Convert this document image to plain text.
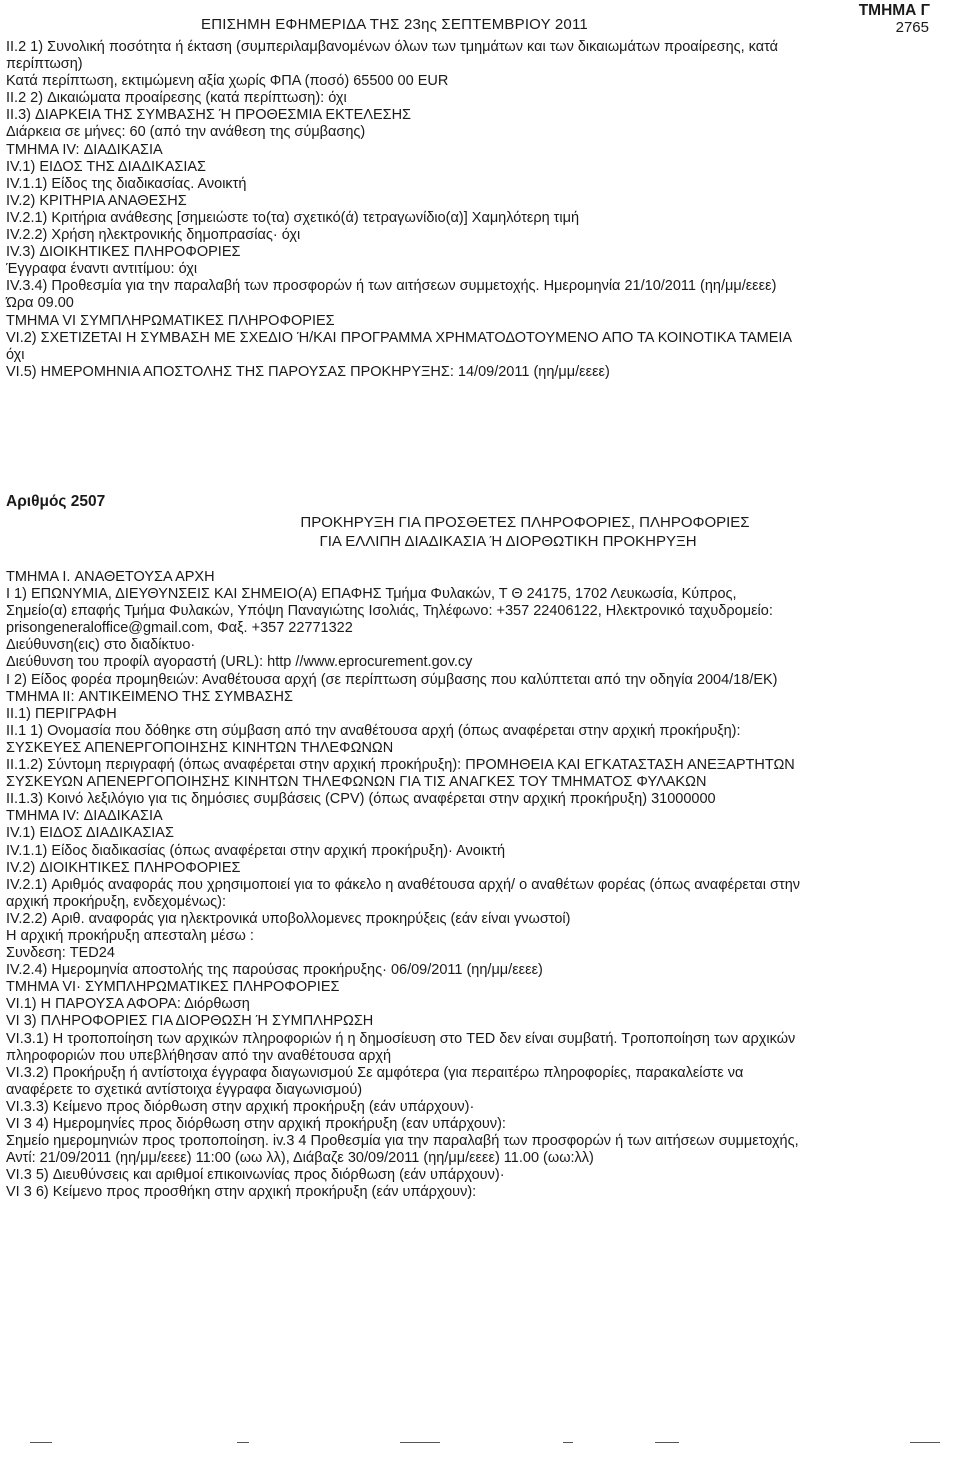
ΕΠΙΣΗΜΗ ΕΦΗΜΕΡΙΔΑ ΤΗΣ 23ης ΣΕΠΤΕΜΒΡΙΟΥ 2011
ΤΜΗΜΑ Γ
2765
II.2 1) Συνολική ποσότητα ή έκταση (συμπεριλαμβανομένων όλων των τμημάτων και των δικαιωμάτων προαίρεσης, κατά
περίπτωση)
Κατά περίπτωση, εκτιμώμενη αξία χωρίς ΦΠΑ (ποσό) 65500 00 EUR
II.2 2) Δικαιώματα προαίρεσης (κατά περίπτωση): όχι
II.3) ΔΙΑΡΚΕΙΑ ΤΗΣ ΣΥΜΒΑΣΗΣ Ή ΠΡΟΘΕΣΜΙΑ ΕΚΤΕΛΕΣΗΣ
Διάρκεια σε μήνες: 60 (από την ανάθεση της σύμβασης)
ΤΜΗΜΑ IV: ΔΙΑΔΙΚΑΣΙΑ
IV.1) ΕΙΔΟΣ ΤΗΣ ΔΙΑΔΙΚΑΣΙΑΣ
IV.1.1) Είδος της διαδικασίας. Ανοικτή
IV.2) ΚΡΙΤΗΡΙΑ ΑΝΑΘΕΣΗΣ
IV.2.1) Κριτήρια ανάθεσης [σημειώστε το(τα) σχετικό(ά) τετραγωνίδιο(α)] Χαμηλότερη τιμή
IV.2.2) Χρήση ηλεκτρονικής δημοπρασίας· όχι
IV.3) ΔΙΟΙΚΗΤΙΚΕΣ ΠΛΗΡΟΦΟΡΙΕΣ
Έγγραφα έναντι αντιτίμου: όχι
IV.3.4) Προθεσμία για την παραλαβή των προσφορών ή των αιτήσεων συμμετοχής. Ημερομηνία 21/10/2011 (ηη/μμ/εεεε)
Ώρα 09.00
ΤΜΗΜΑ VI ΣΥΜΠΛΗΡΩΜΑΤΙΚΕΣ ΠΛΗΡΟΦΟΡΙΕΣ
VI.2) ΣΧΕΤΙΖΕΤΑΙ Η ΣΥΜΒΑΣΗ ΜΕ ΣΧΕΔΙΟ Ή/ΚΑΙ ΠΡΟΓΡΑΜΜΑ ΧΡΗΜΑΤΟΔΟΤΟΥΜΕΝΟ ΑΠΟ ΤΑ ΚΟΙΝΟΤΙΚΑ ΤΑΜΕΙΑ
όχι
VI.5) ΗΜΕΡΟΜΗΝΙΑ ΑΠΟΣΤΟΛΗΣ ΤΗΣ ΠΑΡΟΥΣΑΣ ΠΡΟΚΗΡΥΞΗΣ: 14/09/2011 (ηη/μμ/εεεε)
Αριθμός 2507
ΠΡΟΚΗΡΥΞΗ ΓΙΑ ΠΡΟΣΘΕΤΕΣ ΠΛΗΡΟΦΟΡΙΕΣ, ΠΛΗΡΟΦΟΡΙΕΣ
ΓΙΑ ΕΛΛΙΠΗ ΔΙΑΔΙΚΑΣΙΑ Ή ΔΙΟΡΘΩΤΙΚΗ ΠΡΟΚΗΡΥΞΗ
ΤΜΗΜΑ I. ΑΝΑΘΕΤΟΥΣΑ ΑΡΧΗ
I 1) ΕΠΩΝΥΜΙΑ, ΔΙΕΥΘΥΝΣΕΙΣ ΚΑΙ ΣΗΜΕΙΟ(Α) ΕΠΑΦΗΣ Τμήμα Φυλακών, Τ Θ 24175, 1702 Λευκωσία, Κύπρος,
Σημείο(α) επαφής Τμήμα Φυλακών, Υπόψη Παναγιώτης Ισολιάς, Τηλέφωνο: +357 22406122, Ηλεκτρονικό ταχυδρομείο:
prisongeneraloffice@gmail.com, Φαξ. +357 22771322
Διεύθυνση(εις) στο διαδίκτυο·
Διεύθυνση του προφίλ αγοραστή (URL): http //www.eprocurement.gov.cy
I 2) Είδος φορέα προμηθειών: Αναθέτουσα αρχή (σε περίπτωση σύμβασης που καλύπτεται από την οδηγία 2004/18/ΕΚ)
ΤΜΗΜΑ II: ΑΝΤΙΚΕΙΜΕΝΟ ΤΗΣ ΣΥΜΒΑΣΗΣ
II.1) ΠΕΡΙΓΡΑΦΗ
II.1 1) Ονομασία που δόθηκε στη σύμβαση από την αναθέτουσα αρχή (όπως αναφέρεται στην αρχική προκήρυξη):
ΣΥΣΚΕΥΕΣ ΑΠΕΝΕΡΓΟΠΟΙΗΣΗΣ ΚΙΝΗΤΩΝ ΤΗΛΕΦΩΝΩΝ
II.1.2) Σύντομη περιγραφή (όπως αναφέρεται στην αρχική προκήρυξη): ΠΡΟΜΗΘΕΙΑ ΚΑΙ ΕΓΚΑΤΑΣΤΑΣΗ ΑΝΕΞΑΡΤΗΤΩΝ
ΣΥΣΚΕΥΩΝ ΑΠΕΝΕΡΓΟΠΟΙΗΣΗΣ ΚΙΝΗΤΩΝ ΤΗΛΕΦΩΝΩΝ ΓΙΑ ΤΙΣ ΑΝΑΓΚΕΣ ΤΟΥ ΤΜΗΜΑΤΟΣ ΦΥΛΑΚΩΝ
II.1.3) Κοινό λεξιλόγιο για τις δημόσιες συμβάσεις (CPV) (όπως αναφέρεται στην αρχική προκήρυξη) 31000000
ΤΜΗΜΑ IV: ΔΙΑΔΙΚΑΣΙΑ
IV.1) ΕΙΔΟΣ ΔΙΑΔΙΚΑΣΙΑΣ
IV.1.1) Είδος διαδικασίας (όπως αναφέρεται στην αρχική προκήρυξη)· Ανοικτή
IV.2) ΔΙΟΙΚΗΤΙΚΕΣ ΠΛΗΡΟΦΟΡΙΕΣ
IV.2.1) Αριθμός αναφοράς που χρησιμοποιεί για το φάκελο η αναθέτουσα αρχή/ ο αναθέτων φορέας (όπως αναφέρεται στην
αρχική προκήρυξη, ενδεχομένως):
IV.2.2) Αριθ. αναφοράς για ηλεκτρονικά υποβολλομενες προκηρύξεις (εάν είναι γνωστοί)
Η αρχική προκήρυξη απεσταλη μέσω :
Συνδεση: TED24
IV.2.4) Ημερομηνία αποστολής της παρούσας προκήρυξης· 06/09/2011 (ηη/μμ/εεεε)
ΤΜΗΜΑ VI· ΣΥΜΠΛΗΡΩΜΑΤΙΚΕΣ ΠΛΗΡΟΦΟΡΙΕΣ
VI.1) Η ΠΑΡΟΥΣΑ ΑΦΟΡΑ: Διόρθωση
VI 3) ΠΛΗΡΟΦΟΡΙΕΣ ΓΙΑ ΔΙΟΡΘΩΣΗ Ή ΣΥΜΠΛΗΡΩΣΗ
VI.3.1) Η τροποποίηση των αρχικών πληροφοριών ή η δημοσίευση στο TED δεν είναι συμβατή. Τροποποίηση των αρχικών
πληροφοριών που υπεβλήθησαν από την αναθέτουσα αρχή
VI.3.2) Προκήρυξη ή αντίστοιχα έγγραφα διαγωνισμού Σε αμφότερα (για περαιτέρω πληροφορίες, παρακαλείστε να
αναφέρετε το σχετικά αντίστοιχα έγγραφα διαγωνισμού)
VI.3.3) Κείμενο προς διόρθωση στην αρχική προκήρυξη (εάν υπάρχουν)·
VI 3 4) Ημερομηνίες προς διόρθωση στην αρχική προκήρυξη (εαν υπάρχουν):
Σημείο ημερομηνιών προς τροποποίηση. iv.3 4 Προθεσμία για την παραλαβή των προσφορών ή των αιτήσεων συμμετοχής,
Αντί: 21/09/2011 (ηη/μμ/εεεε) 11:00 (ωω λλ), Διάβαζε 30/09/2011 (ηη/μμ/εεεε) 11.00 (ωω:λλ)
VI.3 5) Διευθύνσεις και αριθμοί επικοινωνίας προς διόρθωση (εάν υπάρχουν)·
VI 3 6) Κείμενο προς προσθήκη στην αρχική προκήρυξη (εάν υπάρχουν):
